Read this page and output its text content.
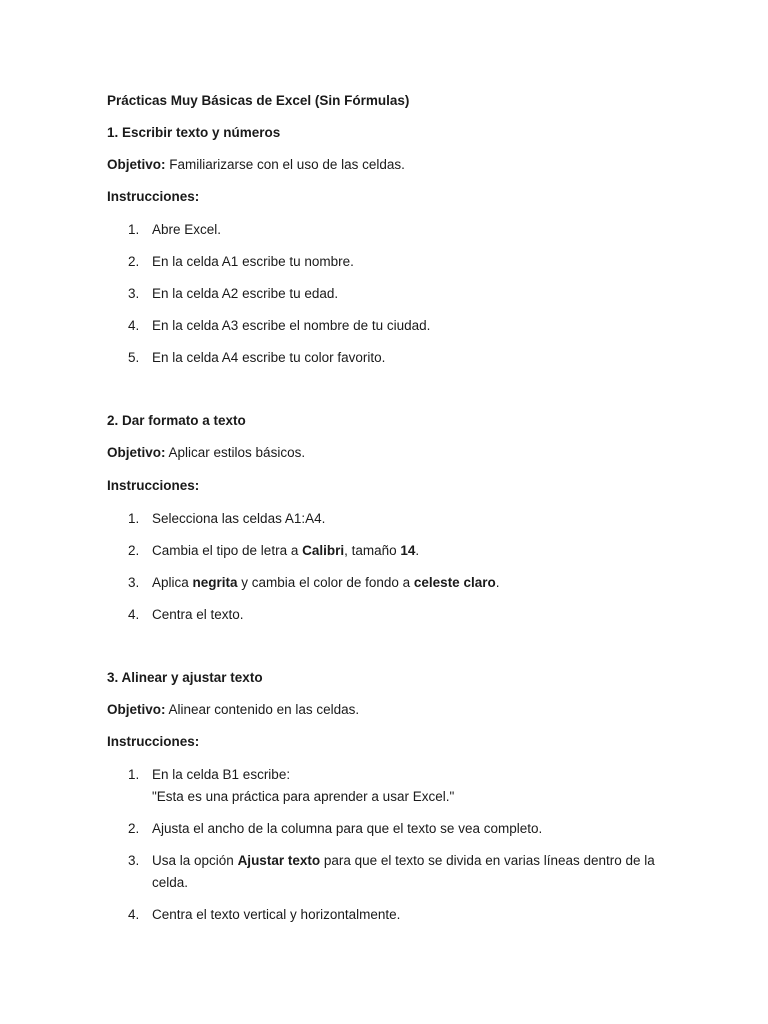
Prácticas Muy Básicas de Excel (Sin Fórmulas)
1. Escribir texto y números
Objetivo: Familiarizarse con el uso de las celdas.
Instrucciones:
1. Abre Excel.
2. En la celda A1 escribe tu nombre.
3. En la celda A2 escribe tu edad.
4. En la celda A3 escribe el nombre de tu ciudad.
5. En la celda A4 escribe tu color favorito.
2. Dar formato a texto
Objetivo: Aplicar estilos básicos.
Instrucciones:
1. Selecciona las celdas A1:A4.
2. Cambia el tipo de letra a Calibri, tamaño 14.
3. Aplica negrita y cambia el color de fondo a celeste claro.
4. Centra el texto.
3. Alinear y ajustar texto
Objetivo: Alinear contenido en las celdas.
Instrucciones:
1. En la celda B1 escribe:
"Esta es una práctica para aprender a usar Excel."
2. Ajusta el ancho de la columna para que el texto se vea completo.
3. Usa la opción Ajustar texto para que el texto se divida en varias líneas dentro de la
celda.
4. Centra el texto vertical y horizontalmente.
